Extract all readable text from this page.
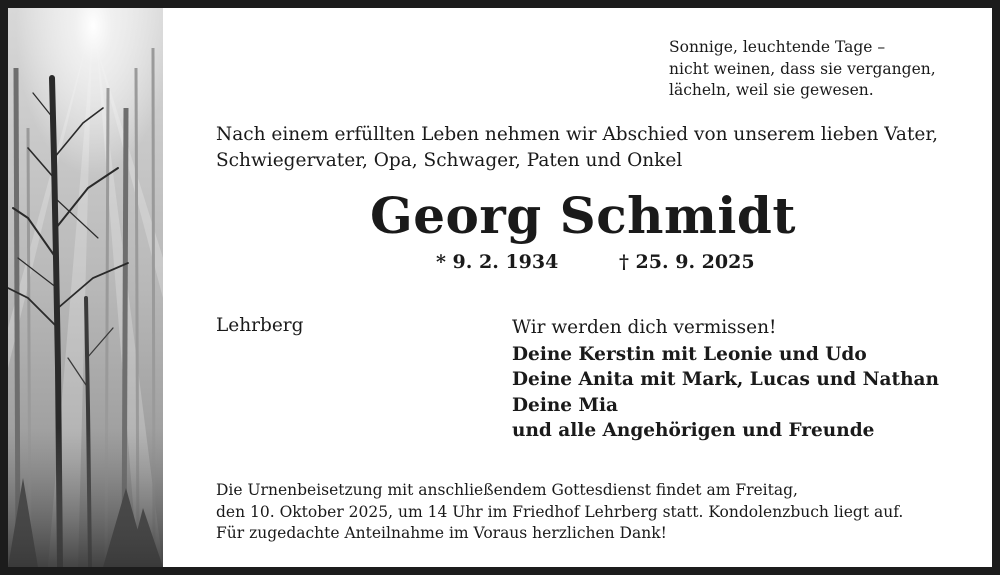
Sonnige, leuchtende Tage –
nicht weinen, dass sie vergangen,
lächeln, weil sie gewesen.
Nach einem erfüllten Leben nehmen wir Abschied von unserem lieben Vater,
Schwiegervater, Opa, Schwager, Paten und Onkel
Georg Schmidt
* 9. 2. 1934	† 25. 9. 2025
Lehrberg	Wir werden dich vermissen!
Deine Kerstin mit Leonie und Udo
Deine Anita mit Mark, Lucas und Nathan
Deine Mia
und alle Angehörigen und Freunde
Die Urnenbeisetzung mit anschließendem Gottesdienst findet am Freitag,
den 10. Oktober 2025, um 14 Uhr im Friedhof Lehrberg statt. Kondolenzbuch liegt auf.
Für zugedachte Anteilnahme im Voraus herzlichen Dank!
